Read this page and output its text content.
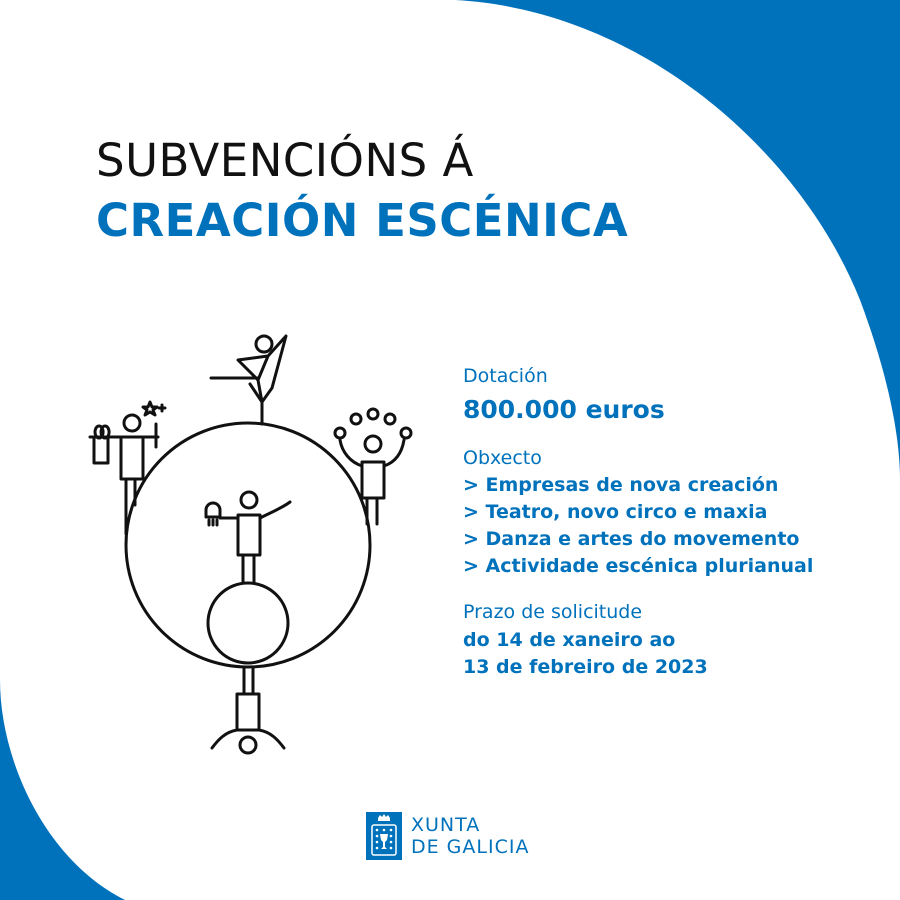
SUBVENCIÓNS Á
CREACIÓN ESCÉNICA
Dotación
800.000 euros
Obxecto
> Empresas de nova creación
> Teatro, novo circo e maxia
> Danza e artes do movemento
> Actividade escénica plurianual
Prazo de solicitude
do 14 de xaneiro ao
13 de febreiro de 2023
XUNTA
DE GALICIA
